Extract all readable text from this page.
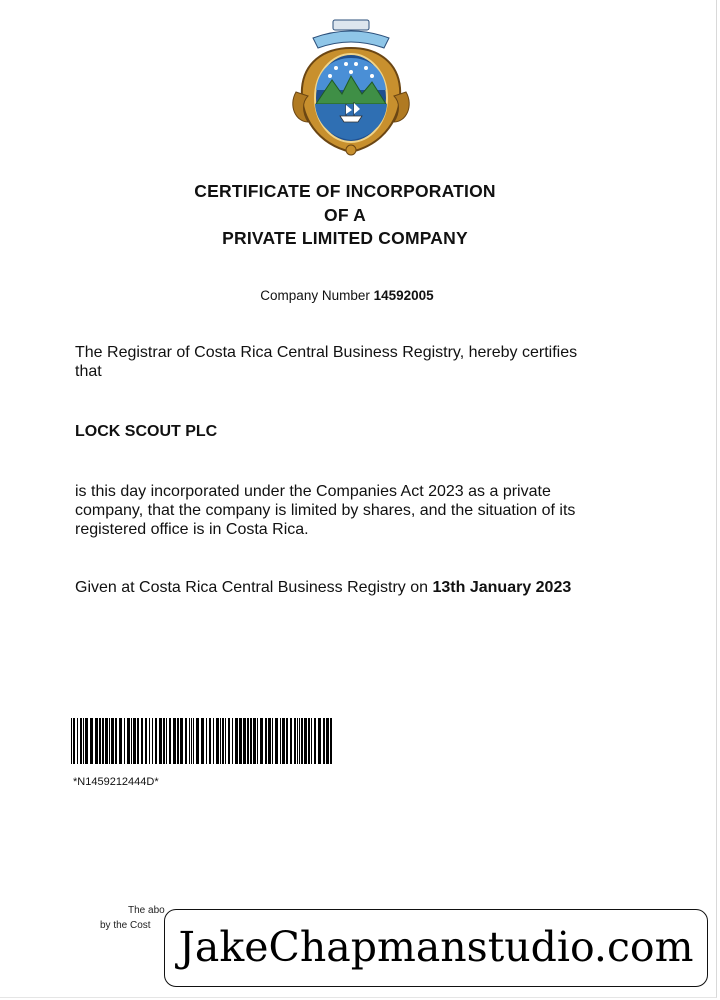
CERTIFICATE OF INCORPORATION
OF A
PRIVATE LIMITED COMPANY
Company Number 14592005
The Registrar of Costa Rica Central Business Registry, hereby certifies
that
LOCK SCOUT PLC
is this day incorporated under the Companies Act 2023 as a private
company, that the company is limited by shares, and the situation of its
registered office is in Costa Rica.
Given at Costa Rica Central Business Registry on 13th January 2023
*N1459212444D*
The abo
by the Cost JakeChapmanstudio.com
